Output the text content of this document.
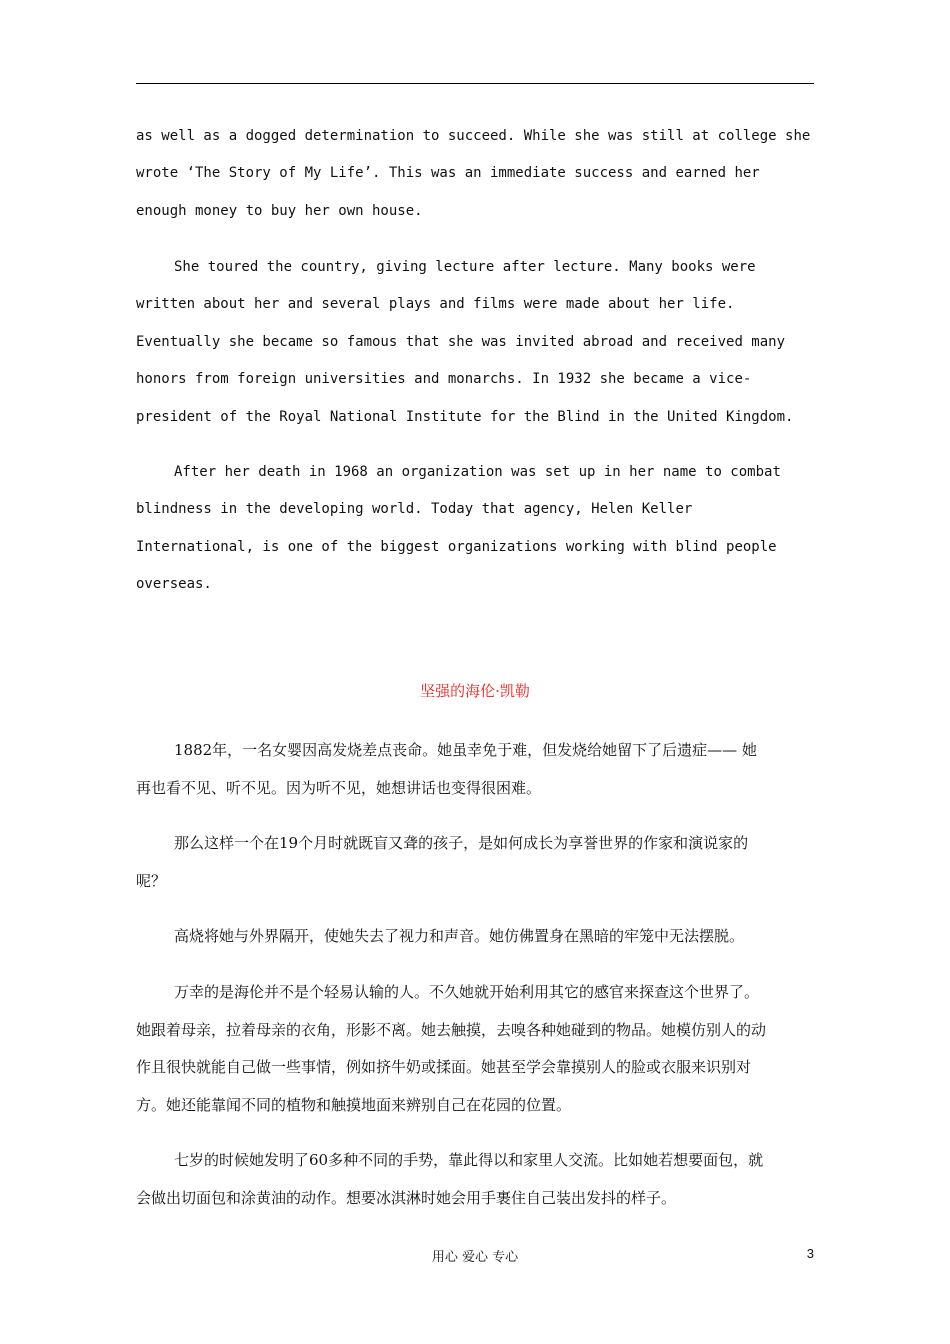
as well as a dogged determination to succeed. While she was still at college she
wrote ‘The Story of My Life’. This was an immediate success and earned her
enough money to buy her own house.

She toured the country, giving lecture after lecture. Many books were
written about her and several plays and films were made about her life.
Eventually she became so famous that she was invited abroad and received many
honors from foreign universities and monarchs. In 1932 she became a vice-
president of the Royal National Institute for the Blind in the United Kingdom.

After her death in 1968 an organization was set up in her name to combat
blindness in the developing world. Today that agency, Helen Keller
International, is one of the biggest organizations working with blind people
overseas.

坚强的海伦·凯勒

1882年，一名女婴因高发烧差点丧命。她虽幸免于难，但发烧给她留下了后遗症—— 她
再也看不见、听不见。因为听不见，她想讲话也变得很困难。

那么这样一个在19个月时就既盲又聋的孩子，是如何成长为享誉世界的作家和演说家的
呢？

高烧将她与外界隔开，使她失去了视力和声音。她仿佛置身在黑暗的牢笼中无法摆脱。

万幸的是海伦并不是个轻易认输的人。不久她就开始利用其它的感官来探查这个世界了。
她跟着母亲，拉着母亲的衣角，形影不离。她去触摸，去嗅各种她碰到的物品。她模仿别人的动
作且很快就能自己做一些事情，例如挤牛奶或揉面。她甚至学会靠摸别人的脸或衣服来识别对
方。她还能靠闻不同的植物和触摸地面来辨别自己在花园的位置。

七岁的时候她发明了60多种不同的手势，靠此得以和家里人交流。比如她若想要面包，就
会做出切面包和涂黄油的动作。想要冰淇淋时她会用手裹住自己装出发抖的样子。

用心 爱心 专心	3
